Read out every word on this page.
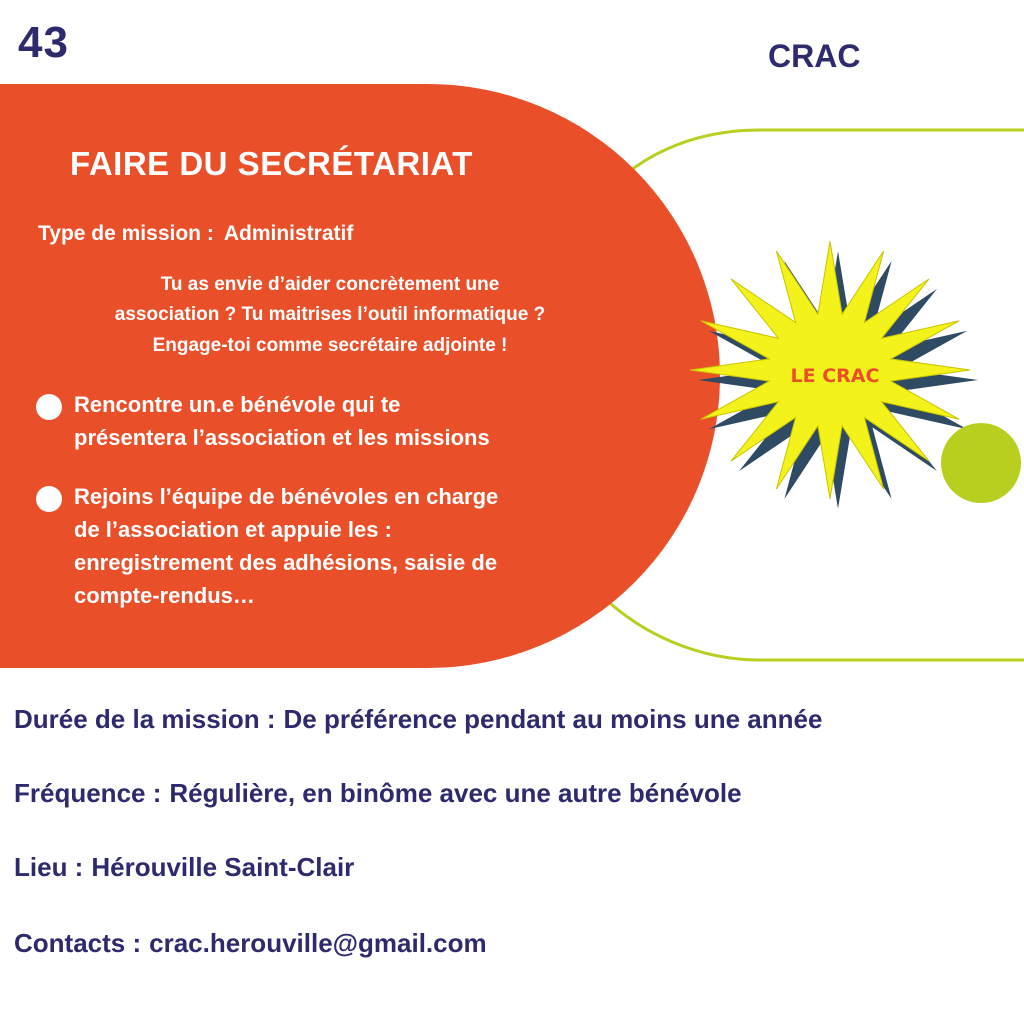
43	CRAC
FAIRE DU SECRÉTARIAT
Type de mission : Administratif
Tu as envie d’aider concrètement une
association ? Tu maitrises l’outil informatique ?
Engage-toi comme secrétaire adjointe !
Rencontre un.e bénévole qui te
présentera l’association et les missions
Rejoins l’équipe de bénévoles en charge
de l’association et appuie les :
enregistrement des adhésions, saisie de
compte-rendus…
LE CRAC
Durée de la mission : De préférence pendant au moins une année
Fréquence : Régulière, en binôme avec une autre bénévole
Lieu : Hérouville Saint-Clair
Contacts : crac.herouville@gmail.com
